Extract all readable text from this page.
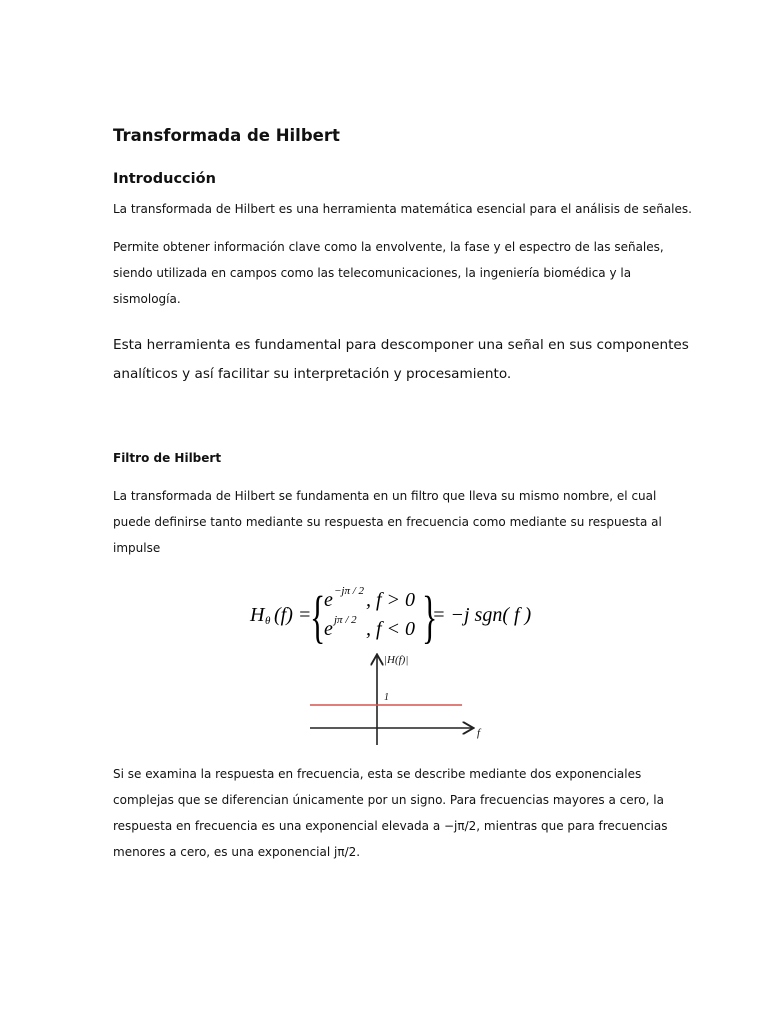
Transformada de Hilbert
Introducción
La transformada de Hilbert es una herramienta matemática esencial para el análisis de señales.
Permite obtener información clave como la envolvente, la fase y el espectro de las señales,
siendo utilizada en campos como las telecomunicaciones, la ingeniería biomédica y la
sismología.
Esta herramienta es fundamental para descomponer una señal en sus componentes
analíticos y así facilitar su interpretación y procesamiento.
Filtro de Hilbert
La transformada de Hilbert se fundamenta en un filtro que lleva su mismo nombre, el cual
puede definirse tanto mediante su respuesta en frecuencia como mediante su respuesta al
impulse
H θ (f) =
{
e −jπ / 2 , f > 0
e jπ / 2 , f < 0 }
= −j sgn( f )
|H(f)|
1
f
Si se examina la respuesta en frecuencia, esta se describe mediante dos exponenciales
complejas que se diferencian únicamente por un signo. Para frecuencias mayores a cero, la
respuesta en frecuencia es una exponencial elevada a −jπ/2, mientras que para frecuencias
menores a cero, es una exponencial jπ/2.
